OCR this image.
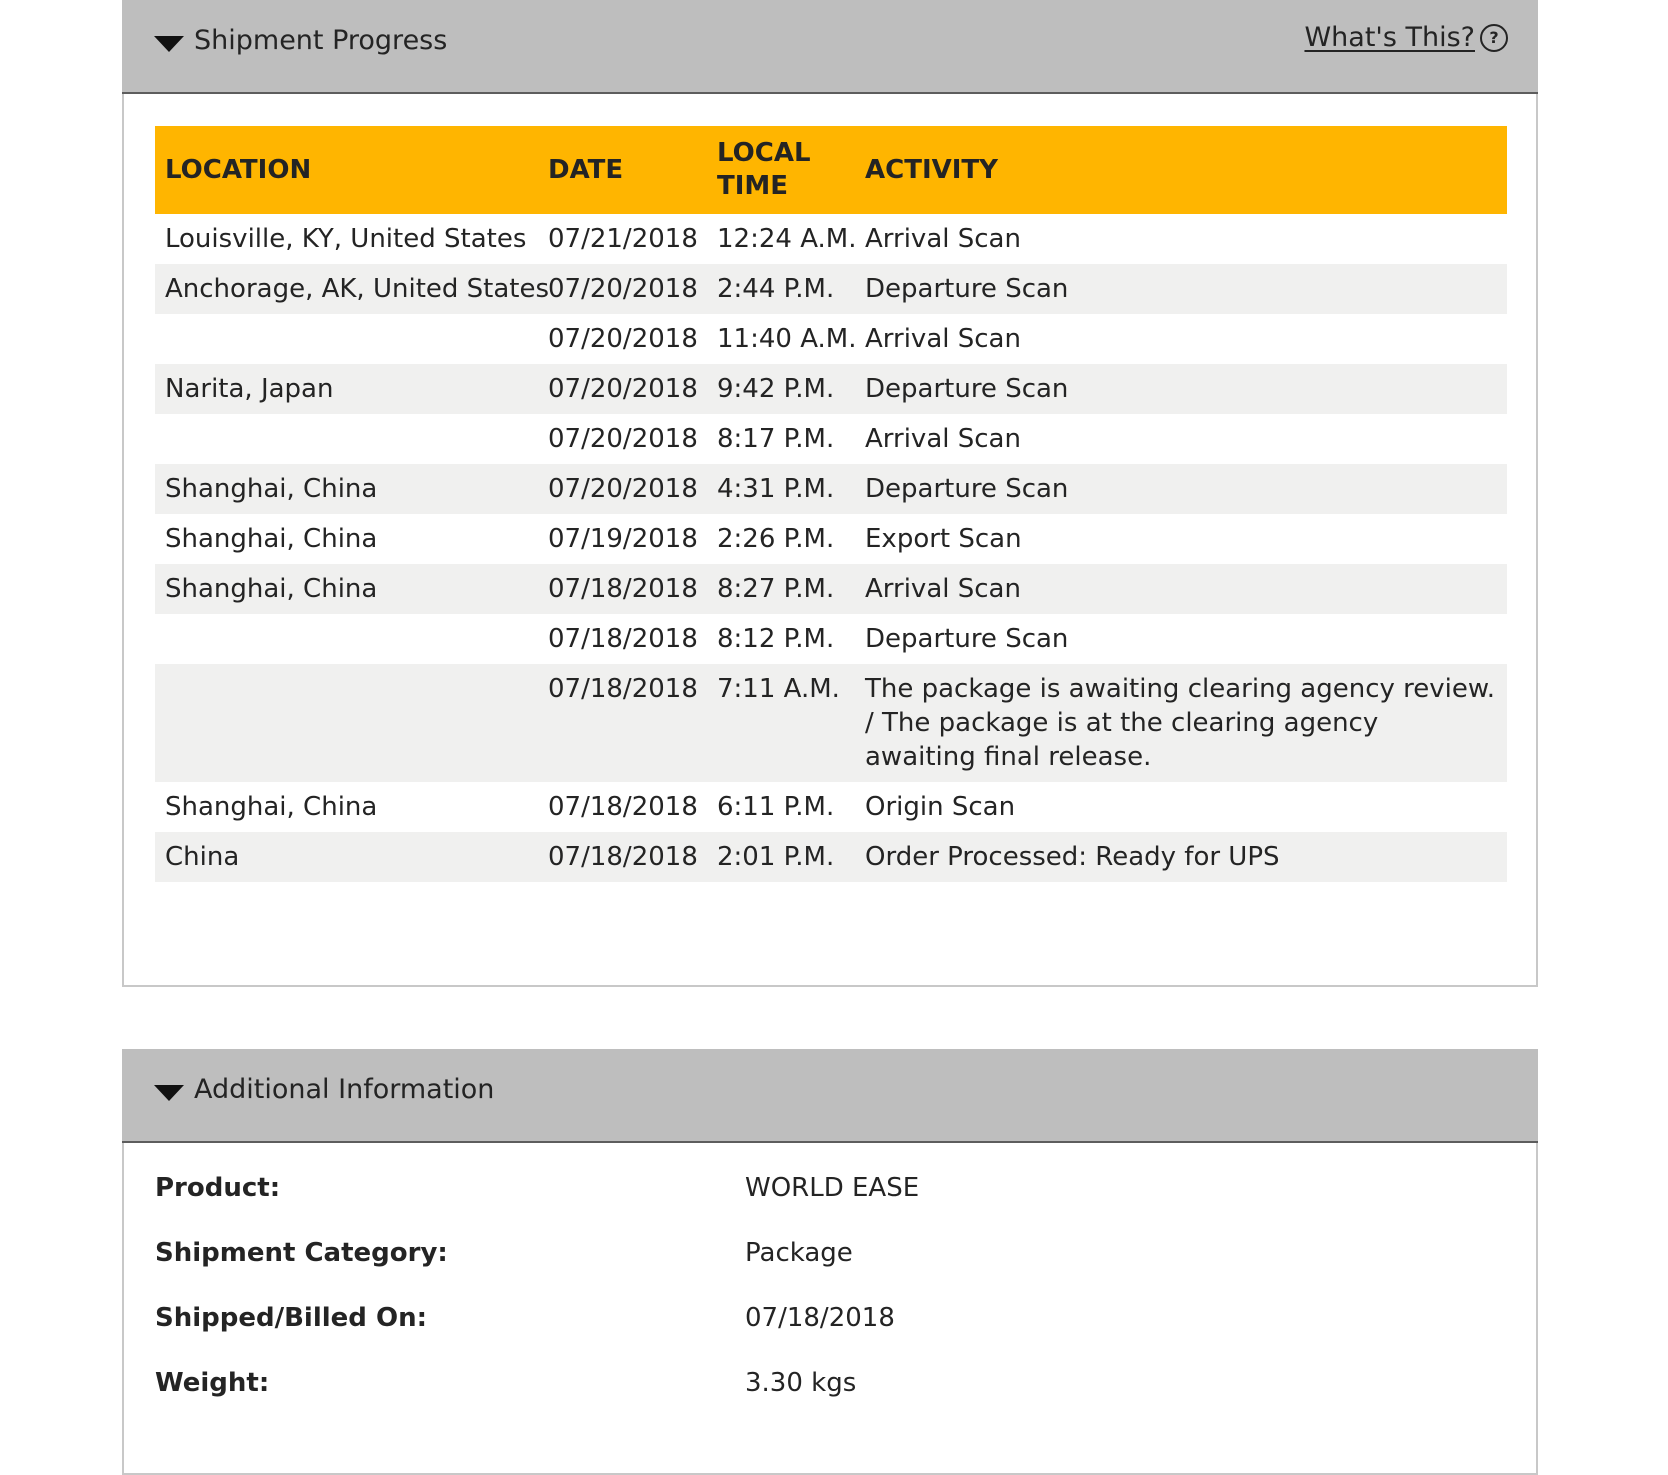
Shipment Progress	What's This? ?
LOCATION	DATE	LOCAL TIME	ACTIVITY
Louisville, KY, United States	07/21/2018	12:24 A.M.	Arrival Scan
Anchorage, AK, United States	07/20/2018	2:44 P.M.	Departure Scan
	07/20/2018	11:40 A.M.	Arrival Scan
Narita, Japan	07/20/2018	9:42 P.M.	Departure Scan
	07/20/2018	8:17 P.M.	Arrival Scan
Shanghai, China	07/20/2018	4:31 P.M.	Departure Scan
Shanghai, China	07/19/2018	2:26 P.M.	Export Scan
Shanghai, China	07/18/2018	8:27 P.M.	Arrival Scan
	07/18/2018	8:12 P.M.	Departure Scan
	07/18/2018	7:11 A.M.	The package is awaiting clearing agency review. / The package is at the clearing agency awaiting final release.
Shanghai, China	07/18/2018	6:11 P.M.	Origin Scan
China	07/18/2018	2:01 P.M.	Order Processed: Ready for UPS
Additional Information
Product:	WORLD EASE
Shipment Category:	Package
Shipped/Billed On:	07/18/2018
Weight:	3.30 kgs
